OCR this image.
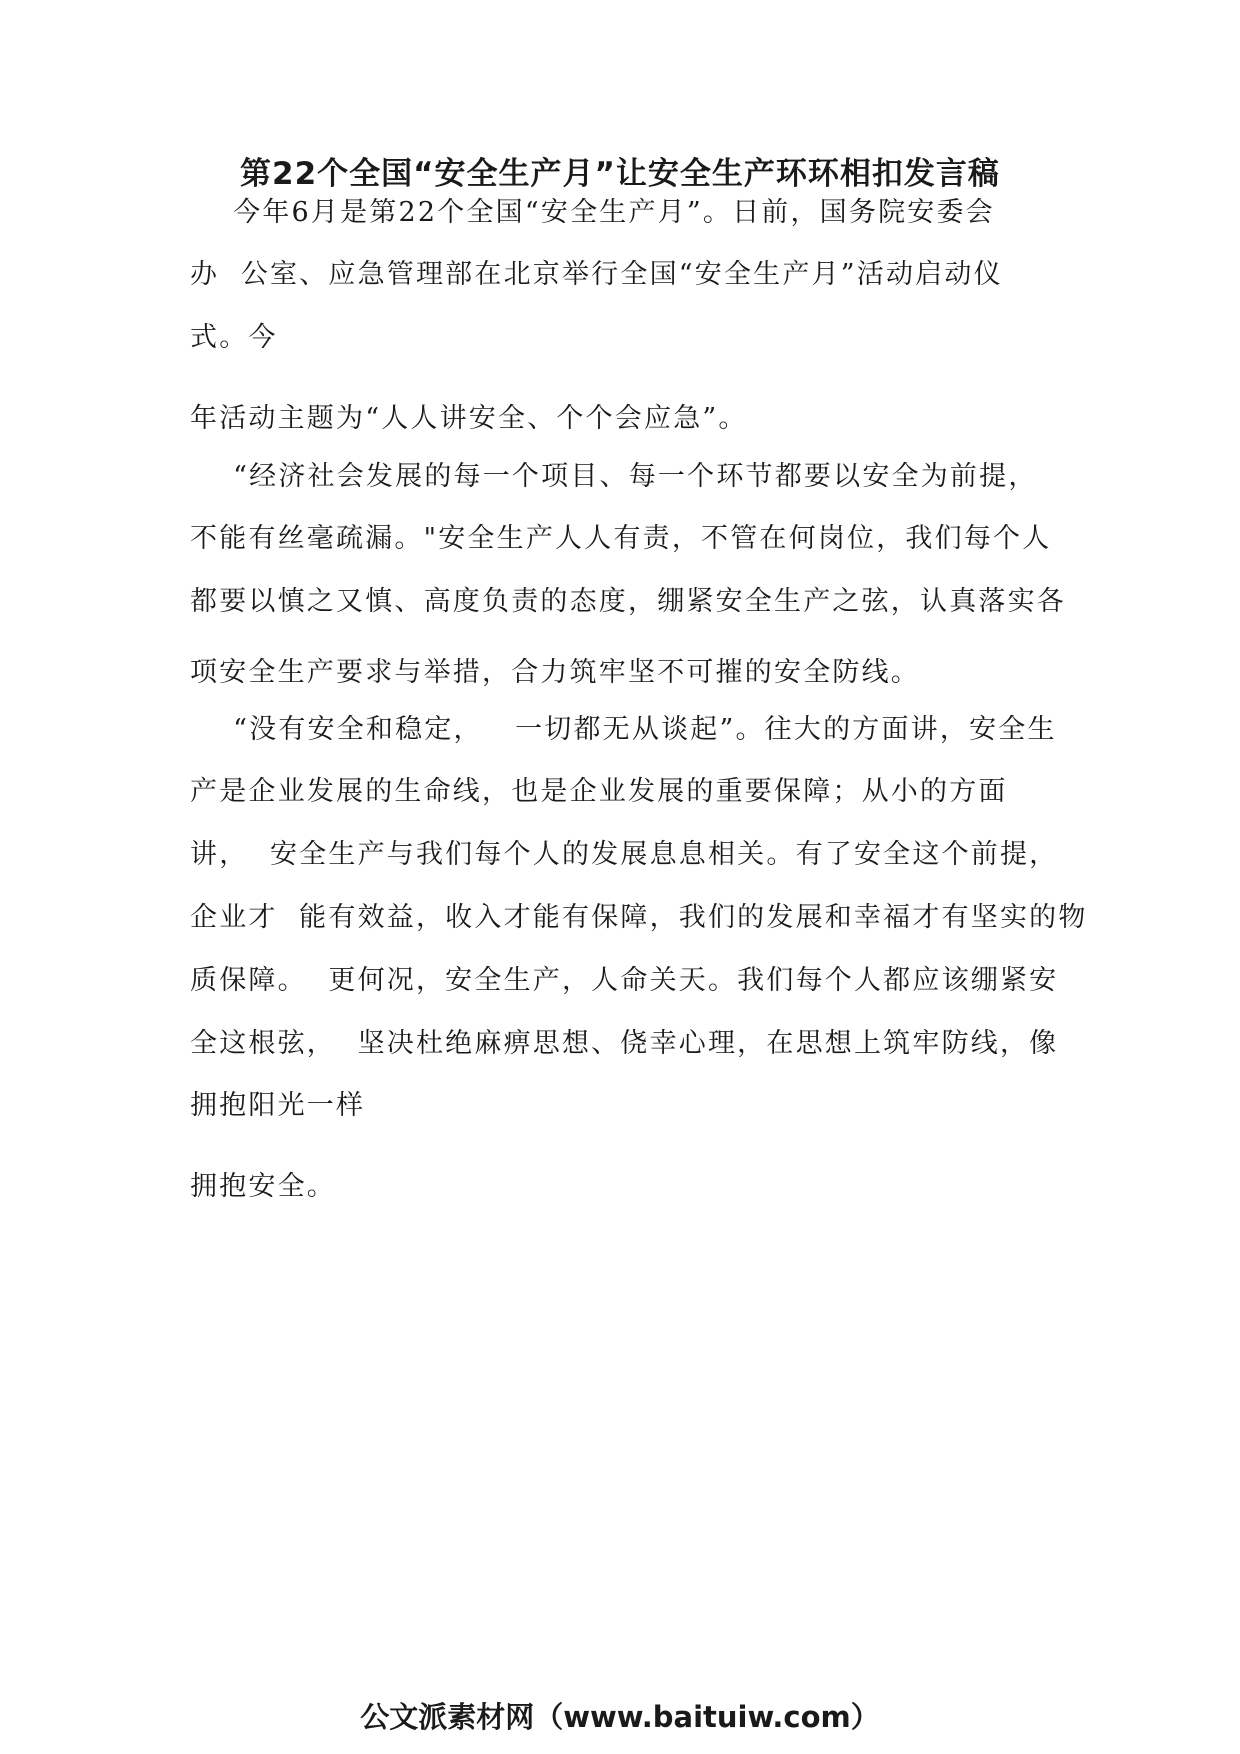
第22个全国“安全生产月”让安全生产环环相扣发言稿
今年6月是第22个全国“安全生产月”。日前，国务院安委会
办  公室、应急管理部在北京举行全国“安全生产月”活动启动仪
式。今
年活动主题为“人人讲安全、个个会应急”。
“经济社会发展的每一个项目、每一个环节都要以安全为前提，
不能有丝毫疏漏。"安全生产人人有责，不管在何岗位，我们每个人
都要以慎之又慎、高度负责的态度，绷紧安全生产之弦，认真落实各
项安全生产要求与举措，合力筑牢坚不可摧的安全防线。
“没有安全和稳定，   一切都无从谈起”。往大的方面讲，安全生
产是企业发展的生命线，也是企业发展的重要保障；从小的方面
讲，  安全生产与我们每个人的发展息息相关。有了安全这个前提，
企业才  能有效益，收入才能有保障，我们的发展和幸福才有坚实的物
质保障。  更何况，安全生产，人命关天。我们每个人都应该绷紧安
全这根弦，  坚决杜绝麻痹思想、侥幸心理，在思想上筑牢防线，像
拥抱阳光一样
拥抱安全。
公文派素材网（www.baituiw.com）
